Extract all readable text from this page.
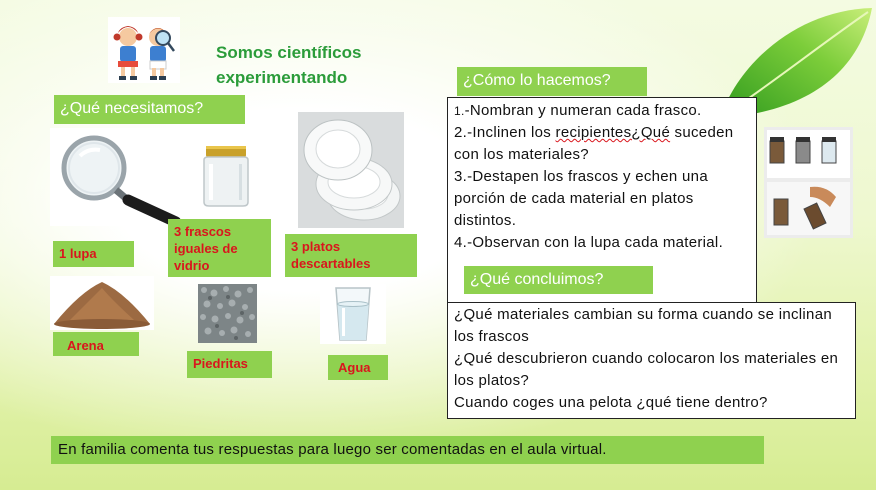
Somos científicos
experimentando
¿Qué necesitamos?
¿Cómo lo hacemos?
1 lupa
3 frascos iguales de vidrio
3 platos descartables
Arena
Piedritas	Agua
1.-Nombran y numeran cada frasco.
2.-Inclinen los recipientes¿Qué suceden con los materiales?
3.-Destapen los frascos y echen una porción de cada material en platos distintos.
4.-Observan con la lupa cada material.
¿Qué concluimos?
¿Qué materiales cambian su forma cuando se inclinan los frascos
¿Qué descubrieron cuando colocaron los materiales en los platos?
Cuando coges una pelota ¿qué tiene dentro?
En familia comenta tus respuestas para luego ser comentadas en el aula virtual.
